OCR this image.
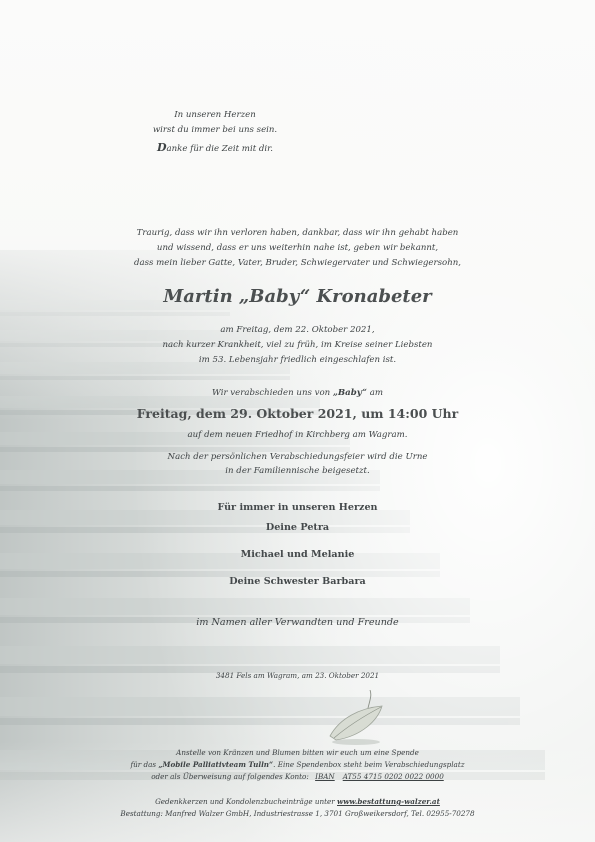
In unseren Herzen
wirst du immer bei uns sein.
Danke für die Zeit mit dir.
Traurig, dass wir ihn verloren haben, dankbar, dass wir ihn gehabt haben
und wissend, dass er uns weiterhin nahe ist, geben wir bekannt,
dass mein lieber Gatte, Vater, Bruder, Schwiegervater und Schwiegersohn,
Martin „Baby“ Kronabeter
am Freitag, dem 22. Oktober 2021,
nach kurzer Krankheit, viel zu früh, im Kreise seiner Liebsten
im 53. Lebensjahr friedlich eingeschlafen ist.
Wir verabschieden uns von „Baby“ am
Freitag, dem 29. Oktober 2021, um 14:00 Uhr
auf dem neuen Friedhof in Kirchberg am Wagram.
Nach der persönlichen Verabschiedungsfeier wird die Urne
in der Familiennische beigesetzt.
Für immer in unseren Herzen
Deine Petra
Michael und Melanie
Deine Schwester Barbara
im Namen aller Verwandten und Freunde
3481 Fels am Wagram, am 23. Oktober 2021
Anstelle von Kränzen und Blumen bitten wir euch um eine Spende
für das „Mobile Palliativteam Tulln“. Eine Spendenbox steht beim Verabschiedungsplatz
oder als Überweisung auf folgendes Konto: IBAN AT55 4715 0202 0022 0000
Gedenkkerzen und Kondolenzbucheinträge unter www.bestattung-walzer.at
Bestattung: Manfred Walzer GmbH, Industriestrasse 1, 3701 Großweikersdorf, Tel. 02955-70278
